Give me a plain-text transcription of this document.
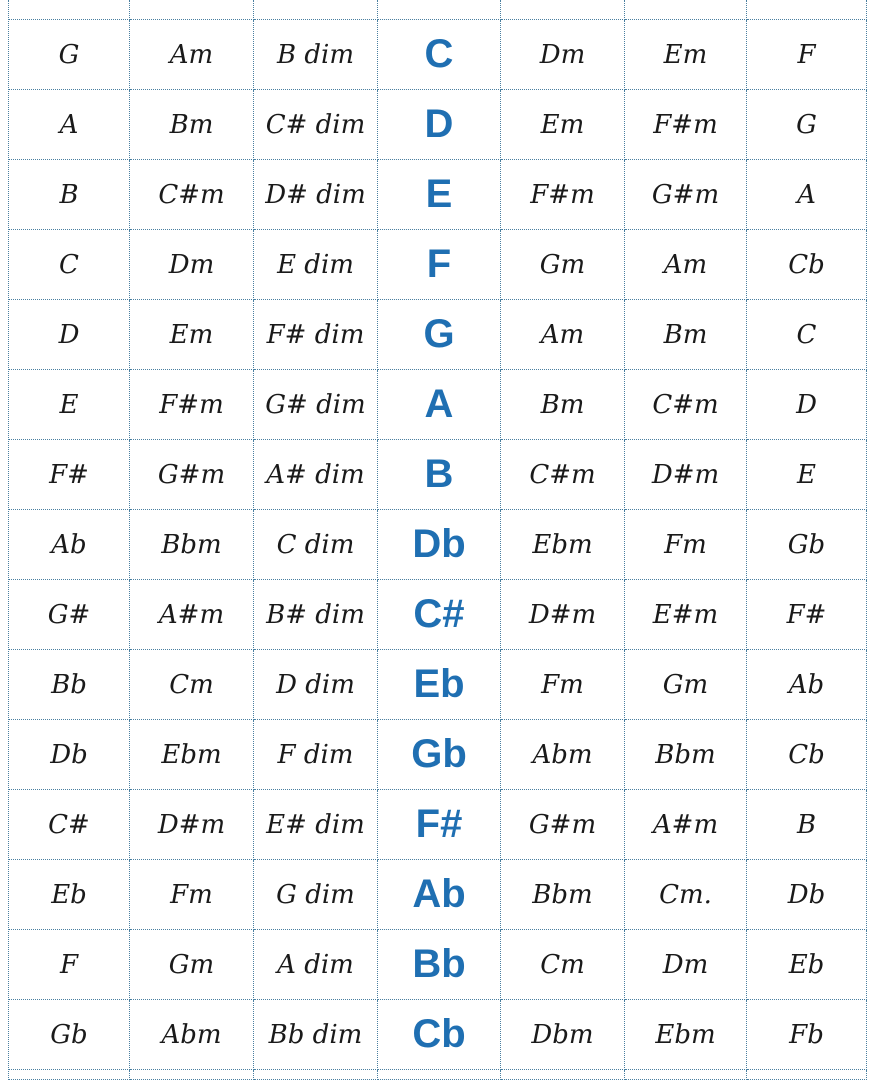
G	Am	B dim	C	Dm	Em	F
A	Bm	C# dim	D	Em	F#m	G
B	C#m	D# dim	E	F#m	G#m	A
C	Dm	E dim	F	Gm	Am	Cb
D	Em	F# dim	G	Am	Bm	C
E	F#m	G# dim	A	Bm	C#m	D
F#	G#m	A# dim	B	C#m	D#m	E
Ab	Bbm	C dim	Db	Ebm	Fm	Gb
G#	A#m	B# dim	C#	D#m	E#m	F#
Bb	Cm	D dim	Eb	Fm	Gm	Ab
Db	Ebm	F dim	Gb	Abm	Bbm	Cb
C#	D#m	E# dim	F#	G#m	A#m	B
Eb	Fm	G dim	Ab	Bbm	Cm.	Db
F	Gm	A dim	Bb	Cm	Dm	Eb
Gb	Abm	Bb dim	Cb	Dbm	Ebm	Fb
